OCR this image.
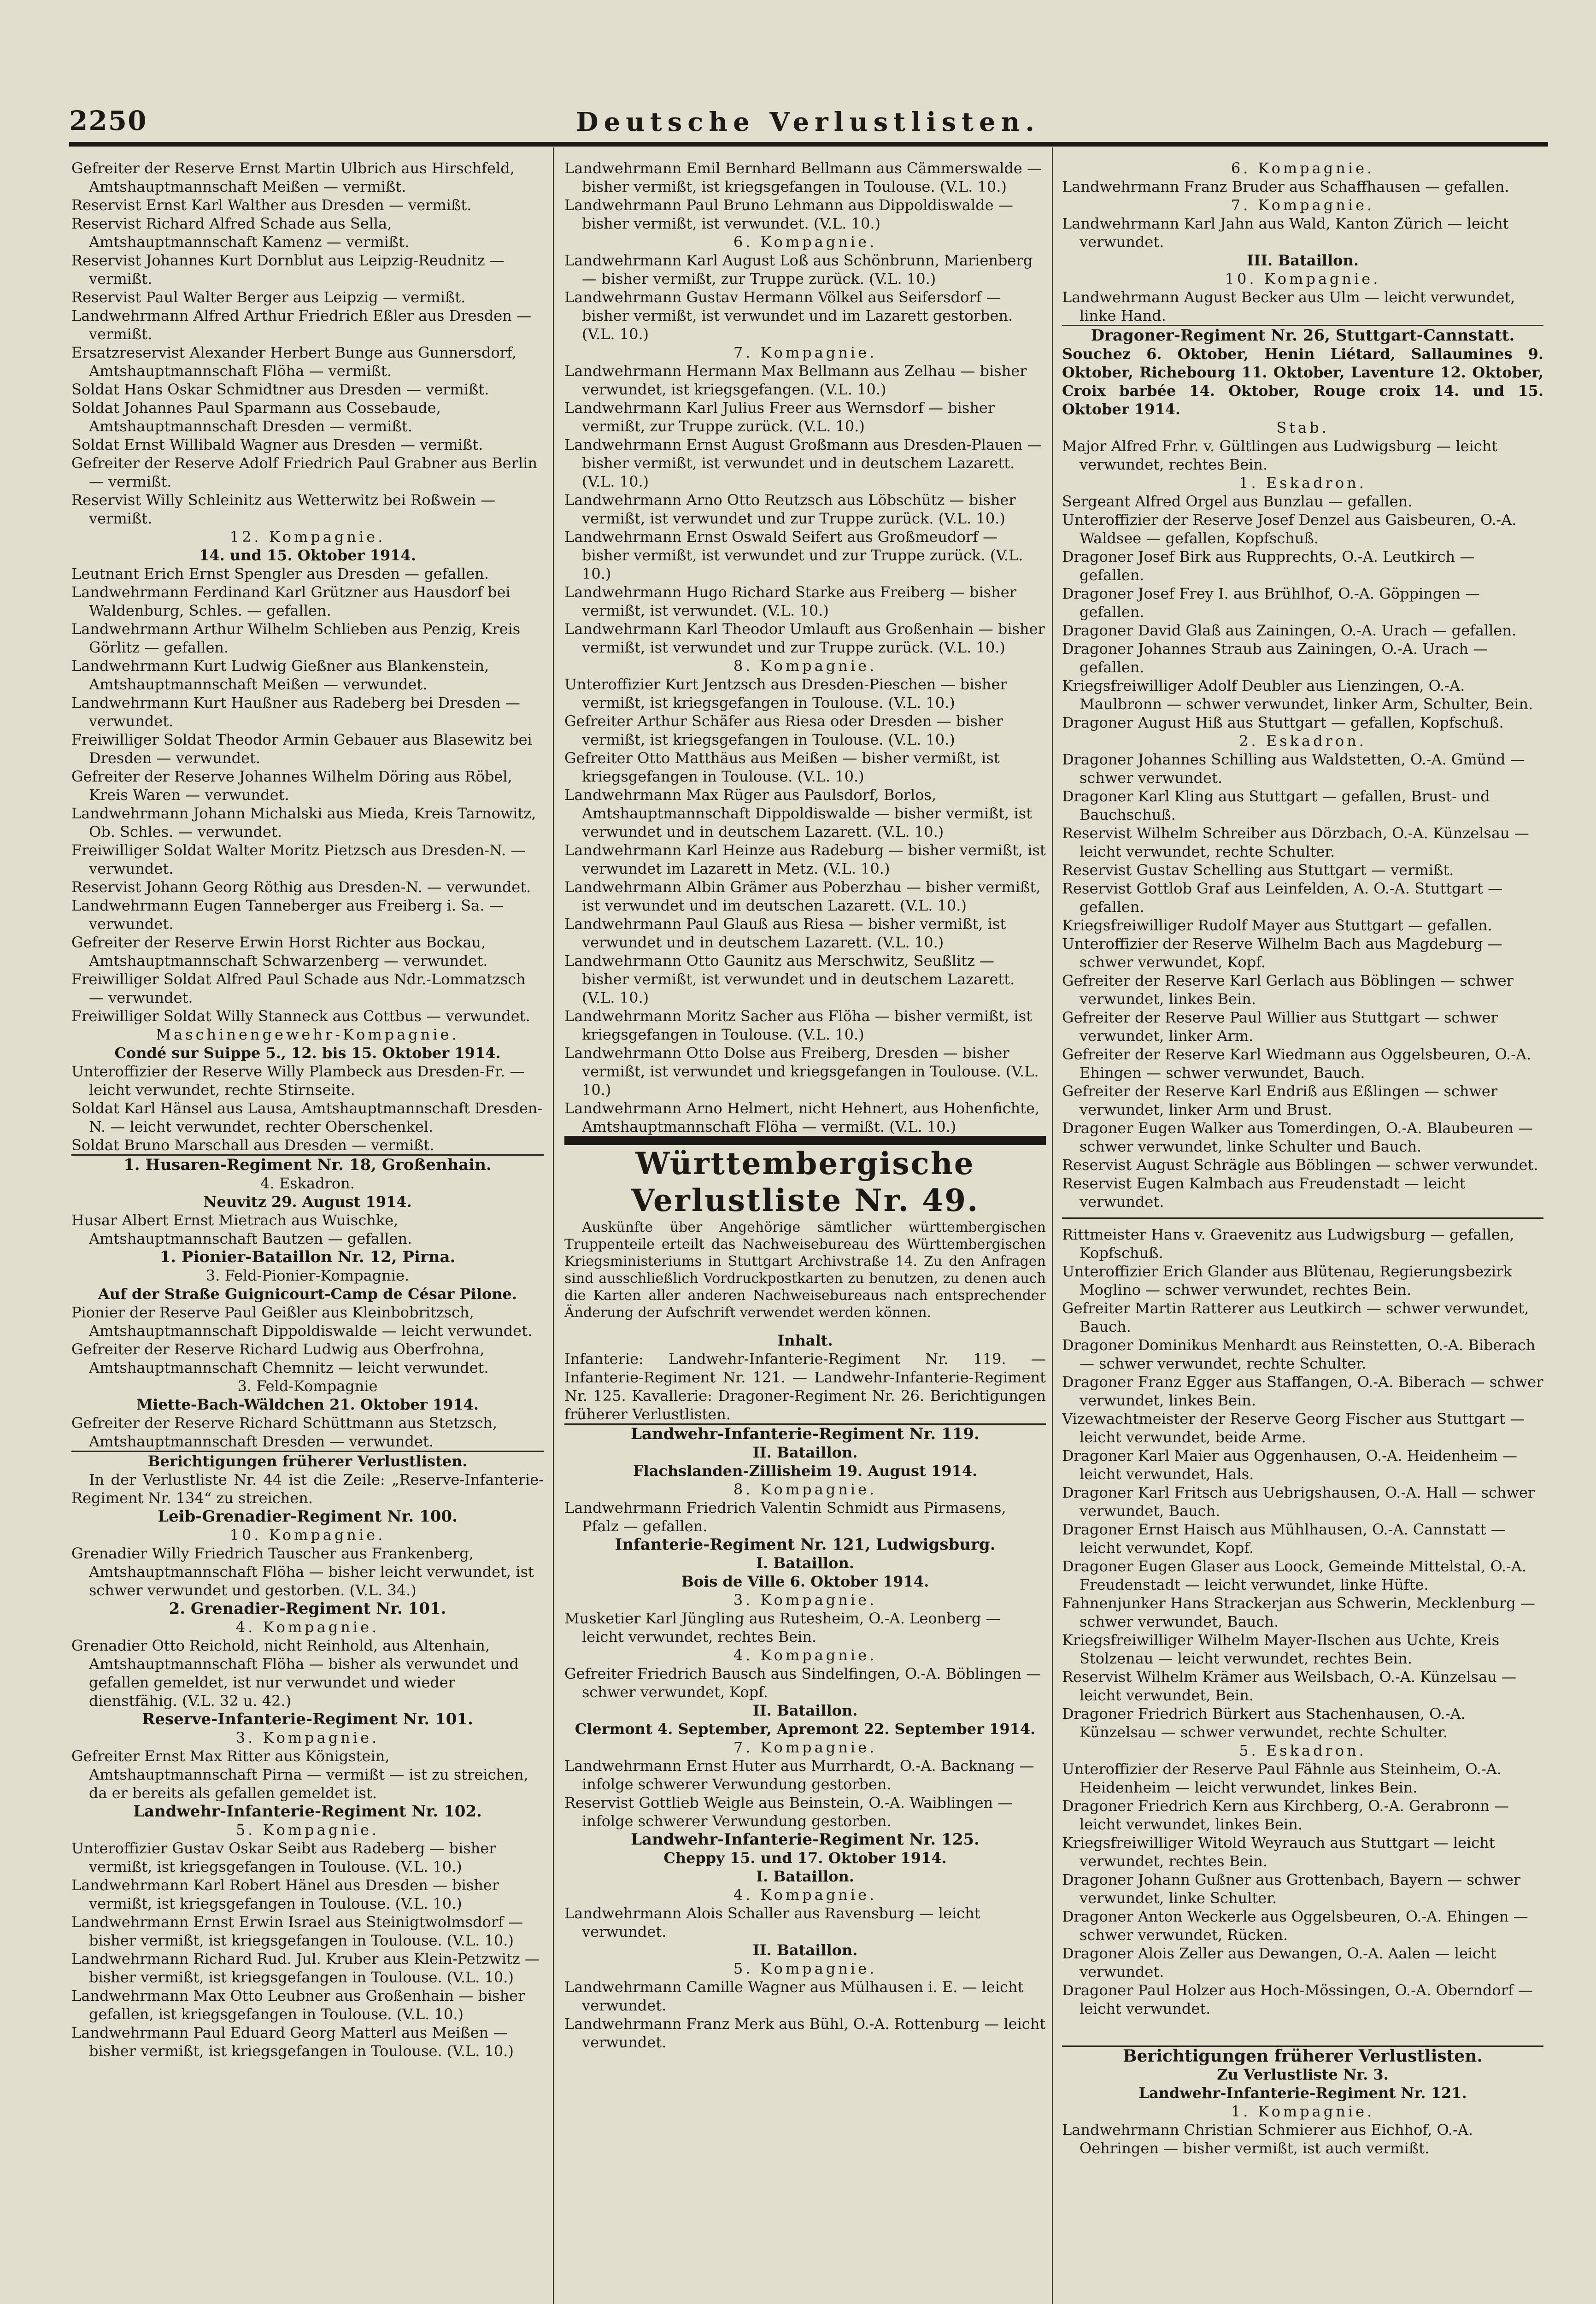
2250	Deutsche Verlustlisten.
Gefreiter der Reserve Ernst Martin Ulbrich aus Hirschfeld, Amtshauptmannschaft Meißen — vermißt.
Reservist Ernst Karl Walther aus Dresden — vermißt.
Reservist Richard Alfred Schade aus Sella, Amtshauptmannschaft Kamenz — vermißt.
Reservist Johannes Kurt Dornblut aus Leipzig-Reudnitz — vermißt.
Reservist Paul Walter Berger aus Leipzig — vermißt.
Landwehrmann Alfred Arthur Friedrich Eßler aus Dresden — vermißt.
Ersatzreservist Alexander Herbert Bunge aus Gunnersdorf, Amtshauptmannschaft Flöha — vermißt.
Soldat Hans Oskar Schmidtner aus Dresden — vermißt.
Soldat Johannes Paul Sparmann aus Cossebaude, Amtshauptmannschaft Dresden — vermißt.
Soldat Ernst Willibald Wagner aus Dresden — vermißt.
Gefreiter der Reserve Adolf Friedrich Paul Grabner aus Berlin — vermißt.
Reservist Willy Schleinitz aus Wetterwitz bei Roßwein — vermißt.
12. Kompagnie.
14. und 15. Oktober 1914.
Leutnant Erich Ernst Spengler aus Dresden — gefallen.
Landwehrmann Ferdinand Karl Grützner aus Hausdorf bei Waldenburg, Schles. — gefallen.
Landwehrmann Arthur Wilhelm Schlieben aus Penzig, Kreis Görlitz — gefallen.
Landwehrmann Kurt Ludwig Gießner aus Blankenstein, Amtshauptmannschaft Meißen — verwundet.
Landwehrmann Kurt Haußner aus Radeberg bei Dresden — verwundet.
Freiwilliger Soldat Theodor Armin Gebauer aus Blasewitz bei Dresden — verwundet.
Gefreiter der Reserve Johannes Wilhelm Döring aus Röbel, Kreis Waren — verwundet.
Landwehrmann Johann Michalski aus Mieda, Kreis Tarnowitz, Ob. Schles. — verwundet.
Freiwilliger Soldat Walter Moritz Pietzsch aus Dresden-N. — verwundet.
Reservist Johann Georg Röthig aus Dresden-N. — verwundet.
Landwehrmann Eugen Tanneberger aus Freiberg i. Sa. — verwundet.
Gefreiter der Reserve Erwin Horst Richter aus Bockau, Amtshauptmannschaft Schwarzenberg — verwundet.
Freiwilliger Soldat Alfred Paul Schade aus Ndr.-Lommatzsch — verwundet.
Freiwilliger Soldat Willy Stanneck aus Cottbus — verwundet.
Maschinengewehr-Kompagnie.
Condé sur Suippe 5., 12. bis 15. Oktober 1914.
Unteroffizier der Reserve Willy Plambeck aus Dresden-Fr. — leicht verwundet, rechte Stirnseite.
Soldat Karl Hänsel aus Lausa, Amtshauptmannschaft Dresden-N. — leicht verwundet, rechter Oberschenkel.
Soldat Bruno Marschall aus Dresden — vermißt.
1. Husaren-Regiment Nr. 18, Großenhain.
4. Eskadron.
Neuvitz 29. August 1914.
Husar Albert Ernst Mietrach aus Wuischke, Amtshauptmannschaft Bautzen — gefallen.
1. Pionier-Bataillon Nr. 12, Pirna.
3. Feld-Pionier-Kompagnie.
Auf der Straße Guignicourt-Camp de César Pilone.
Pionier der Reserve Paul Geißler aus Kleinbobritzsch, Amtshauptmannschaft Dippoldiswalde — leicht verwundet.
Gefreiter der Reserve Richard Ludwig aus Oberfrohna, Amtshauptmannschaft Chemnitz — leicht verwundet.
3. Feld-Kompagnie
Miette-Bach-Wäldchen 21. Oktober 1914.
Gefreiter der Reserve Richard Schüttmann aus Stetzsch, Amtshauptmannschaft Dresden — verwundet.
Berichtigungen früherer Verlustlisten.
In der Verlustliste Nr. 44 ist die Zeile: „Reserve-Infanterie-Regiment Nr. 134“ zu streichen.
Leib-Grenadier-Regiment Nr. 100.
10. Kompagnie.
Grenadier Willy Friedrich Tauscher aus Frankenberg, Amtshauptmannschaft Flöha — bisher leicht verwundet, ist schwer verwundet und gestorben. (V.L. 34.)
2. Grenadier-Regiment Nr. 101.
4. Kompagnie.
Grenadier Otto Reichold, nicht Reinhold, aus Altenhain, Amtshauptmannschaft Flöha — bisher als verwundet und gefallen gemeldet, ist nur verwundet und wieder dienstfähig. (V.L. 32 u. 42.)
Reserve-Infanterie-Regiment Nr. 101.
3. Kompagnie.
Gefreiter Ernst Max Ritter aus Königstein, Amtshauptmannschaft Pirna — vermißt — ist zu streichen, da er bereits als gefallen gemeldet ist.
Landwehr-Infanterie-Regiment Nr. 102.
5. Kompagnie.
Unteroffizier Gustav Oskar Seibt aus Radeberg — bisher vermißt, ist kriegsgefangen in Toulouse. (V.L. 10.)
Landwehrmann Karl Robert Hänel aus Dresden — bisher vermißt, ist kriegsgefangen in Toulouse. (V.L. 10.)
Landwehrmann Ernst Erwin Israel aus Steinigtwolmsdorf — bisher vermißt, ist kriegsgefangen in Toulouse. (V.L. 10.)
Landwehrmann Richard Rud. Jul. Kruber aus Klein-Petzwitz — bisher vermißt, ist kriegsgefangen in Toulouse. (V.L. 10.)
Landwehrmann Max Otto Leubner aus Großenhain — bisher gefallen, ist kriegsgefangen in Toulouse. (V.L. 10.)
Landwehrmann Paul Eduard Georg Matterl aus Meißen — bisher vermißt, ist kriegsgefangen in Toulouse. (V.L. 10.)
Landwehrmann Emil Bernhard Bellmann aus Cämmerswalde — bisher vermißt, ist kriegsgefangen in Toulouse. (V.L. 10.)
Landwehrmann Paul Bruno Lehmann aus Dippoldiswalde — bisher vermißt, ist verwundet. (V.L. 10.)
6. Kompagnie.
Landwehrmann Karl August Loß aus Schönbrunn, Marienberg — bisher vermißt, zur Truppe zurück. (V.L. 10.)
Landwehrmann Gustav Hermann Völkel aus Seifersdorf — bisher vermißt, ist verwundet und im Lazarett gestorben. (V.L. 10.)
7. Kompagnie.
Landwehrmann Hermann Max Bellmann aus Zelhau — bisher verwundet, ist kriegsgefangen. (V.L. 10.)
Landwehrmann Karl Julius Freer aus Wernsdorf — bisher vermißt, zur Truppe zurück. (V.L. 10.)
Landwehrmann Ernst August Großmann aus Dresden-Plauen — bisher vermißt, ist verwundet und in deutschem Lazarett. (V.L. 10.)
Landwehrmann Arno Otto Reutzsch aus Löbschütz — bisher vermißt, ist verwundet und zur Truppe zurück. (V.L. 10.)
Landwehrmann Ernst Oswald Seifert aus Großmeudorf — bisher vermißt, ist verwundet und zur Truppe zurück. (V.L. 10.)
Landwehrmann Hugo Richard Starke aus Freiberg — bisher vermißt, ist verwundet. (V.L. 10.)
Landwehrmann Karl Theodor Umlauft aus Großenhain — bisher vermißt, ist verwundet und zur Truppe zurück. (V.L. 10.)
8. Kompagnie.
Unteroffizier Kurt Jentzsch aus Dresden-Pieschen — bisher vermißt, ist kriegsgefangen in Toulouse. (V.L. 10.)
Gefreiter Arthur Schäfer aus Riesa oder Dresden — bisher vermißt, ist kriegsgefangen in Toulouse. (V.L. 10.)
Gefreiter Otto Matthäus aus Meißen — bisher vermißt, ist kriegsgefangen in Toulouse. (V.L. 10.)
Landwehrmann Max Rüger aus Paulsdorf, Borlos, Amtshauptmannschaft Dippoldiswalde — bisher vermißt, ist verwundet und in deutschem Lazarett. (V.L. 10.)
Landwehrmann Karl Heinze aus Radeburg — bisher vermißt, ist verwundet im Lazarett in Metz. (V.L. 10.)
Landwehrmann Albin Grämer aus Poberzhau — bisher vermißt, ist verwundet und im deutschen Lazarett. (V.L. 10.)
Landwehrmann Paul Glauß aus Riesa — bisher vermißt, ist verwundet und in deutschem Lazarett. (V.L. 10.)
Landwehrmann Otto Gaunitz aus Merschwitz, Seußlitz — bisher vermißt, ist verwundet und in deutschem Lazarett. (V.L. 10.)
Landwehrmann Moritz Sacher aus Flöha — bisher vermißt, ist kriegsgefangen in Toulouse. (V.L. 10.)
Landwehrmann Otto Dolse aus Freiberg, Dresden — bisher vermißt, ist verwundet und kriegsgefangen in Toulouse. (V.L. 10.)
Landwehrmann Arno Helmert, nicht Hehnert, aus Hohenfichte, Amtshauptmannschaft Flöha — vermißt. (V.L. 10.)
Württembergische Verlustliste Nr. 49.
Auskünfte über Angehörige sämtlicher württembergischen Truppenteile erteilt das Nachweisebureau des Württembergischen Kriegsministeriums in Stuttgart Archivstraße 14. Zu den Anfragen sind ausschließlich Vordruckpostkarten zu benutzen, zu denen auch die Karten aller anderen Nachweisebureaus nach entsprechender Änderung der Aufschrift verwendet werden können.
Inhalt.
Infanterie: Landwehr-Infanterie-Regiment Nr. 119. — Infanterie-Regiment Nr. 121. — Landwehr-Infanterie-Regiment Nr. 125. Kavallerie: Dragoner-Regiment Nr. 26. Berichtigungen früherer Verlustlisten.
Landwehr-Infanterie-Regiment Nr. 119.
II. Bataillon.
Flachslanden-Zillisheim 19. August 1914.
8. Kompagnie.
Landwehrmann Friedrich Valentin Schmidt aus Pirmasens, Pfalz — gefallen.
Infanterie-Regiment Nr. 121, Ludwigsburg.
I. Bataillon.
Bois de Ville 6. Oktober 1914.
3. Kompagnie.
Musketier Karl Jüngling aus Rutesheim, O.-A. Leonberg — leicht verwundet, rechtes Bein.
4. Kompagnie.
Gefreiter Friedrich Bausch aus Sindelfingen, O.-A. Böblingen — schwer verwundet, Kopf.
II. Bataillon.
Clermont 4. September, Apremont 22. September 1914.
7. Kompagnie.
Landwehrmann Ernst Huter aus Murrhardt, O.-A. Backnang — infolge schwerer Verwundung gestorben.
Reservist Gottlieb Weigle aus Beinstein, O.-A. Waiblingen — infolge schwerer Verwundung gestorben.
Landwehr-Infanterie-Regiment Nr. 125.
Cheppy 15. und 17. Oktober 1914.
I. Bataillon.
4. Kompagnie.
Landwehrmann Alois Schaller aus Ravensburg — leicht verwundet.
II. Bataillon.
5. Kompagnie.
Landwehrmann Camille Wagner aus Mülhausen i. E. — leicht verwundet.
Landwehrmann Franz Merk aus Bühl, O.-A. Rottenburg — leicht verwundet.
6. Kompagnie.
Landwehrmann Franz Bruder aus Schaffhausen — gefallen.
7. Kompagnie.
Landwehrmann Karl Jahn aus Wald, Kanton Zürich — leicht verwundet.
III. Bataillon.
10. Kompagnie.
Landwehrmann August Becker aus Ulm — leicht verwundet, linke Hand.
Dragoner-Regiment Nr. 26, Stuttgart-Cannstatt.
Souchez 6. Oktober, Henin Liétard, Sallaumines 9. Oktober, Richebourg 11. Oktober, Laventure 12. Oktober, Croix barbée 14. Oktober, Rouge croix 14. und 15. Oktober 1914.
Stab.
Major Alfred Frhr. v. Gültlingen aus Ludwigsburg — leicht verwundet, rechtes Bein.
1. Eskadron.
Sergeant Alfred Orgel aus Bunzlau — gefallen.
Unteroffizier der Reserve Josef Denzel aus Gaisbeuren, O.-A. Waldsee — gefallen, Kopfschuß.
Dragoner Josef Birk aus Rupprechts, O.-A. Leutkirch — gefallen.
Dragoner Josef Frey I. aus Brühlhof, O.-A. Göppingen — gefallen.
Dragoner David Glaß aus Zainingen, O.-A. Urach — gefallen.
Dragoner Johannes Straub aus Zainingen, O.-A. Urach — gefallen.
Kriegsfreiwilliger Adolf Deubler aus Lienzingen, O.-A. Maulbronn — schwer verwundet, linker Arm, Schulter, Bein.
Dragoner August Hiß aus Stuttgart — gefallen, Kopfschuß.
2. Eskadron.
Dragoner Johannes Schilling aus Waldstetten, O.-A. Gmünd — schwer verwundet.
Dragoner Karl Kling aus Stuttgart — gefallen, Brust- und Bauchschuß.
Reservist Wilhelm Schreiber aus Dörzbach, O.-A. Künzelsau — leicht verwundet, rechte Schulter.
Reservist Gustav Schelling aus Stuttgart — vermißt.
Reservist Gottlob Graf aus Leinfelden, A. O.-A. Stuttgart — gefallen.
Kriegsfreiwilliger Rudolf Mayer aus Stuttgart — gefallen.
Unteroffizier der Reserve Wilhelm Bach aus Magdeburg — schwer verwundet, Kopf.
Gefreiter der Reserve Karl Gerlach aus Böblingen — schwer verwundet, linkes Bein.
Gefreiter der Reserve Paul Willier aus Stuttgart — schwer verwundet, linker Arm.
Gefreiter der Reserve Karl Wiedmann aus Oggelsbeuren, O.-A. Ehingen — schwer verwundet, Bauch.
Gefreiter der Reserve Karl Endriß aus Eßlingen — schwer verwundet, linker Arm und Brust.
Dragoner Eugen Walker aus Tomerdingen, O.-A. Blaubeuren — schwer verwundet, linke Schulter und Bauch.
Reservist August Schrägle aus Böblingen — schwer verwundet.
Reservist Eugen Kalmbach aus Freudenstadt — leicht verwundet.
Rittmeister Hans v. Graevenitz aus Ludwigsburg — gefallen, Kopfschuß.
Unteroffizier Erich Glander aus Blütenau, Regierungsbezirk Moglino — schwer verwundet, rechtes Bein.
Gefreiter Martin Ratterer aus Leutkirch — schwer verwundet, Bauch.
Dragoner Dominikus Menhardt aus Reinstetten, O.-A. Biberach — schwer verwundet, rechte Schulter.
Dragoner Franz Egger aus Staffangen, O.-A. Biberach — schwer verwundet, linkes Bein.
Vizewachtmeister der Reserve Georg Fischer aus Stuttgart — leicht verwundet, beide Arme.
Dragoner Karl Maier aus Oggenhausen, O.-A. Heidenheim — leicht verwundet, Hals.
Dragoner Karl Fritsch aus Uebrigshausen, O.-A. Hall — schwer verwundet, Bauch.
Dragoner Ernst Haisch aus Mühlhausen, O.-A. Cannstatt — leicht verwundet, Kopf.
Dragoner Eugen Glaser aus Loock, Gemeinde Mittelstal, O.-A. Freudenstadt — leicht verwundet, linke Hüfte.
Fahnenjunker Hans Strackerjan aus Schwerin, Mecklenburg — schwer verwundet, Bauch.
Kriegsfreiwilliger Wilhelm Mayer-Ilschen aus Uchte, Kreis Stolzenau — leicht verwundet, rechtes Bein.
Reservist Wilhelm Krämer aus Weilsbach, O.-A. Künzelsau — leicht verwundet, Bein.
Dragoner Friedrich Bürkert aus Stachenhausen, O.-A. Künzelsau — schwer verwundet, rechte Schulter.
5. Eskadron.
Unteroffizier der Reserve Paul Fähnle aus Steinheim, O.-A. Heidenheim — leicht verwundet, linkes Bein.
Dragoner Friedrich Kern aus Kirchberg, O.-A. Gerabronn — leicht verwundet, linkes Bein.
Kriegsfreiwilliger Witold Weyrauch aus Stuttgart — leicht verwundet, rechtes Bein.
Dragoner Johann Gußner aus Grottenbach, Bayern — schwer verwundet, linke Schulter.
Dragoner Anton Weckerle aus Oggelsbeuren, O.-A. Ehingen — schwer verwundet, Rücken.
Dragoner Alois Zeller aus Dewangen, O.-A. Aalen — leicht verwundet.
Dragoner Paul Holzer aus Hoch-Mössingen, O.-A. Oberndorf — leicht verwundet.
Berichtigungen früherer Verlustlisten.
Zu Verlustliste Nr. 3.
Landwehr-Infanterie-Regiment Nr. 121.
1. Kompagnie.
Landwehrmann Christian Schmierer aus Eichhof, O.-A. Oehringen — bisher vermißt, ist auch vermißt.
